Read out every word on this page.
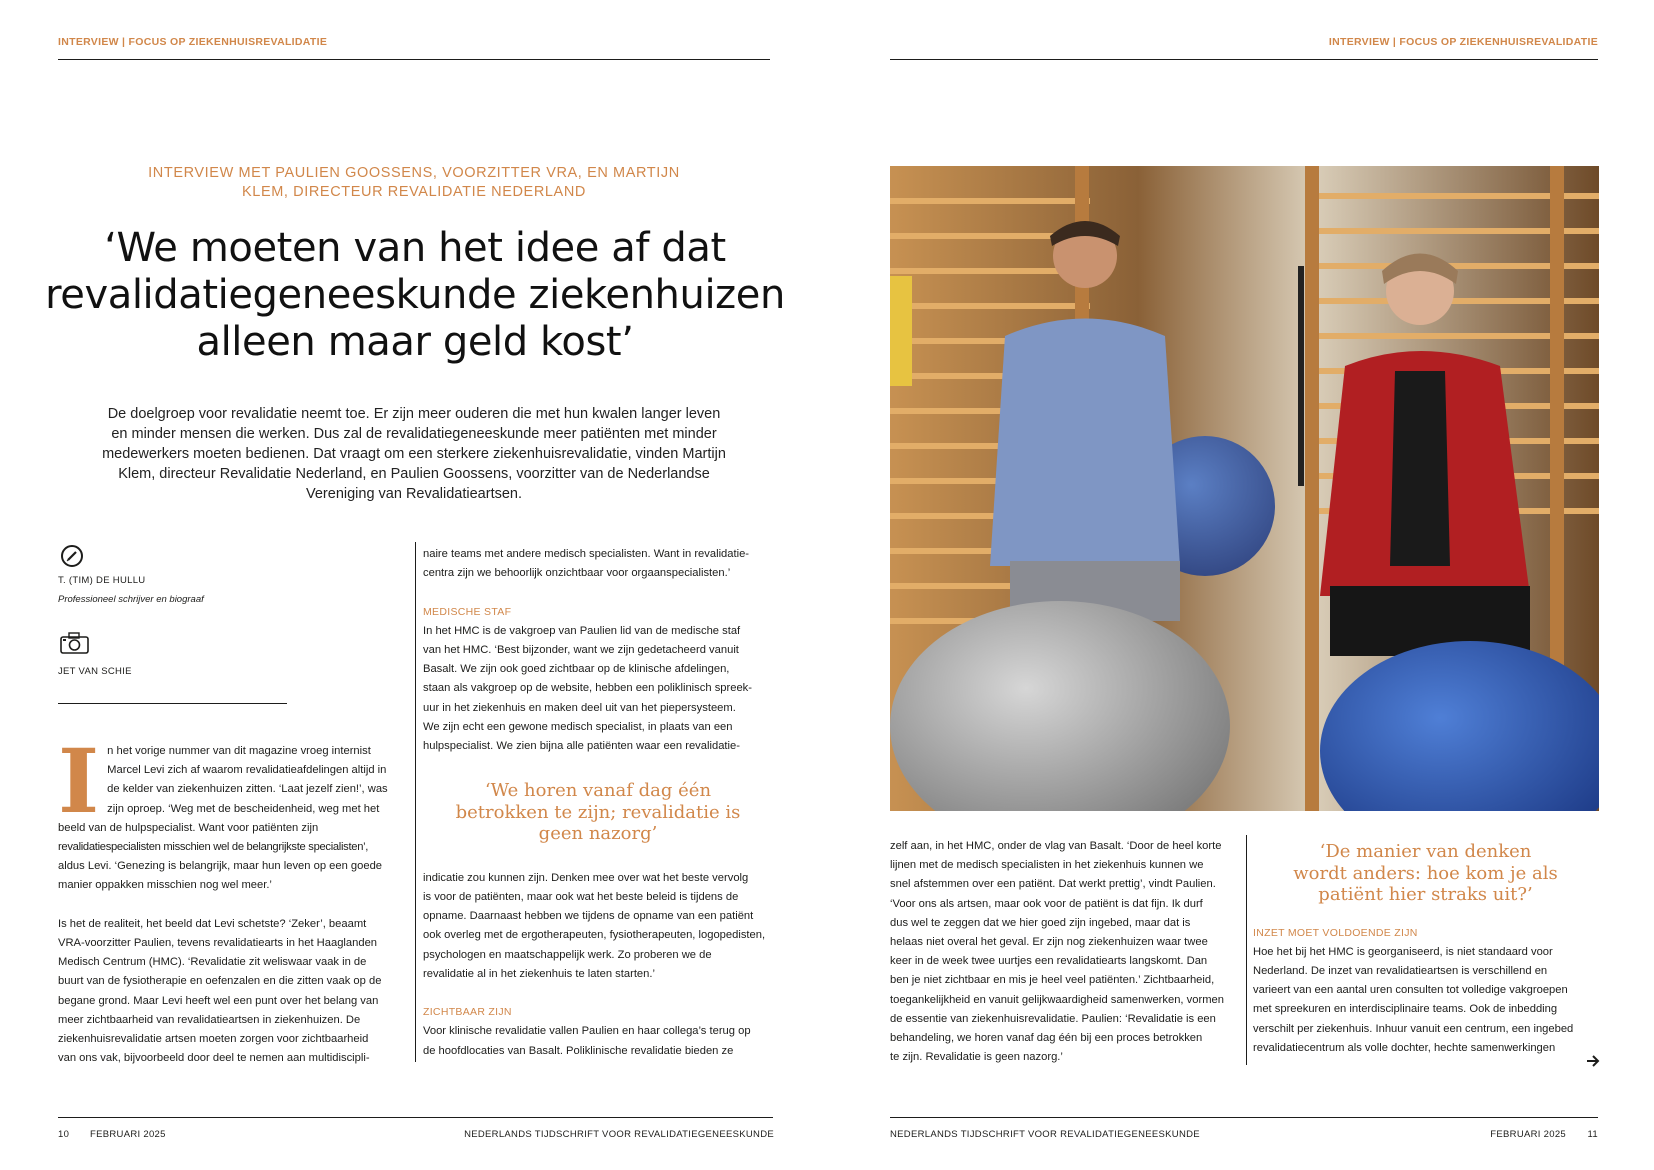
INTERVIEW | FOCUS OP ZIEKENHUISREVALIDATIE
INTERVIEW MET PAULIEN GOOSSENS, VOORZITTER VRA, EN MARTIJN
KLEM, DIRECTEUR REVALIDATIE NEDERLAND
‘We moeten van het idee af dat
revalidatiegeneeskunde ziekenhuizen
alleen maar geld kost’
De doelgroep voor revalidatie neemt toe. Er zijn meer ouderen die met hun kwalen langer leven
en minder mensen die werken. Dus zal de revalidatiegeneeskunde meer patiënten met minder
medewerkers moeten bedienen. Dat vraagt om een sterkere ziekenhuisrevalidatie, vinden Martijn
Klem, directeur Revalidatie Nederland, en Paulien Goossens, voorzitter van de Nederlandse
Vereniging van Revalidatieartsen.
T. (TIM) DE HULLU
Professioneel schrijver en biograaf
JET VAN SCHIE
I n het vorige nummer van dit magazine vroeg internist

Marcel Levi zich af waarom revalidatieafdelingen altijd in

de kelder van ziekenhuizen zitten. ‘Laat jezelf zien!’, was

zijn oproep. ‘Weg met de bescheidenheid, weg met het

beeld van de hulpspecialist. Want voor patiënten zijn

revalidatiespecialisten misschien wel de belangrijkste specialisten’,

aldus Levi. ‘Genezing is belangrijk, maar hun leven op een goede

manier oppakken misschien nog wel meer.’

Is het de realiteit, het beeld dat Levi schetste? ‘Zeker’, beaamt

VRA-voorzitter Paulien, tevens revalidatiearts in het Haaglanden

Medisch Centrum (HMC). ‘Revalidatie zit weliswaar vaak in de

buurt van de fysiotherapie en oefenzalen en die zitten vaak op de

begane grond. Maar Levi heeft wel een punt over het belang van

meer zichtbaarheid van revalidatieartsen in ziekenhuizen. De

ziekenhuisrevalidatie artsen moeten zorgen voor zichtbaarheid

van ons vak, bijvoorbeeld door deel te nemen aan multidiscipli-

naire teams met andere medisch specialisten. Want in revalidatie-

centra zijn we behoorlijk onzichtbaar voor orgaanspecialisten.’

MEDISCHE STAF

In het HMC is de vakgroep van Paulien lid van de medische staf

van het HMC. ‘Best bijzonder, want we zijn gedetacheerd vanuit

Basalt. We zijn ook goed zichtbaar op de klinische afdelingen,

staan als vakgroep op de website, hebben een poliklinisch spreek-

uur in het ziekenhuis en maken deel uit van het piepersysteem.

We zijn echt een gewone medisch specialist, in plaats van een

hulpspecialist. We zien bijna alle patiënten waar een revalidatie-

‘We horen vanaf dag één
betrokken te zijn; revalidatie is
geen nazorg’

indicatie zou kunnen zijn. Denken mee over wat het beste vervolg

is voor de patiënten, maar ook wat het beste beleid is tijdens de

opname. Daarnaast hebben we tijdens de opname van een patiënt

ook overleg met de ergotherapeuten, fysiotherapeuten, logopedisten,

psychologen en maatschappelijk werk. Zo proberen we de

revalidatie al in het ziekenhuis te laten starten.’

ZICHTBAAR ZIJN

Voor klinische revalidatie vallen Paulien en haar collega’s terug op

de hoofdlocaties van Basalt. Poliklinische revalidatie bieden ze

10 FEBRUARI 2025	NEDERLANDS TIJDSCHRIFT VOOR REVALIDATIEGENEESKUNDE
INTERVIEW | FOCUS OP ZIEKENHUISREVALIDATIE

zelf aan, in het HMC, onder de vlag van Basalt. ‘Door de heel korte

lijnen met de medisch specialisten in het ziekenhuis kunnen we

snel afstemmen over een patiënt. Dat werkt prettig’, vindt Paulien.

‘Voor ons als artsen, maar ook voor de patiënt is dat fijn. Ik durf

dus wel te zeggen dat we hier goed zijn ingebed, maar dat is

helaas niet overal het geval. Er zijn nog ziekenhuizen waar twee

keer in de week twee uurtjes een revalidatiearts langskomt. Dan

ben je niet zichtbaar en mis je heel veel patiënten.’ Zichtbaarheid,

toegankelijkheid en vanuit gelijkwaardigheid samenwerken, vormen

de essentie van ziekenhuisrevalidatie. Paulien: ‘Revalidatie is een

behandeling, we horen vanaf dag één bij een proces betrokken

te zijn. Revalidatie is geen nazorg.’

‘De manier van denken
wordt anders: hoe kom je als
patiënt hier straks uit?’

INZET MOET VOLDOENDE ZIJN

Hoe het bij het HMC is georganiseerd, is niet standaard voor

Nederland. De inzet van revalidatieartsen is verschillend en

varieert van een aantal uren consulten tot volledige vakgroepen

met spreekuren en interdisciplinaire teams. Ook de inbedding

verschilt per ziekenhuis. Inhuur vanuit een centrum, een ingebed

revalidatiecentrum als volle dochter, hechte samenwerkingen

NEDERLANDS TIJDSCHRIFT VOOR REVALIDATIEGENEESKUNDE	FEBRUARI 2025 11
